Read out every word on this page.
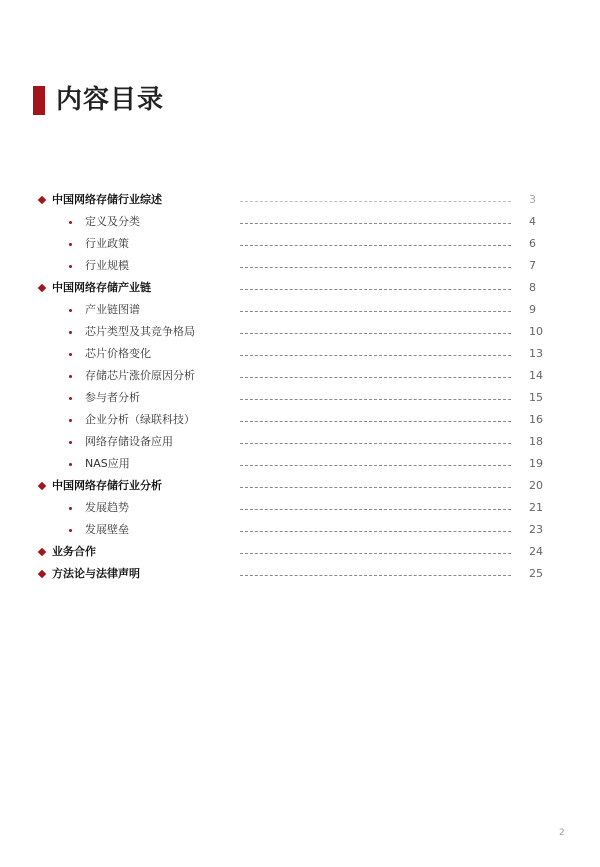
内容目录
中国网络存储行业综述	3
定义及分类	4
行业政策	6
行业规模	7
中国网络存储产业链	8
产业链图谱	9
芯片类型及其竞争格局	10
芯片价格变化	13
存储芯片涨价原因分析	14
参与者分析	15
企业分析（绿联科技）	16
网络存储设备应用	18
NAS应用	19
中国网络存储行业分析	20
发展趋势	21
发展壁垒	23
业务合作	24
方法论与法律声明	25
2
